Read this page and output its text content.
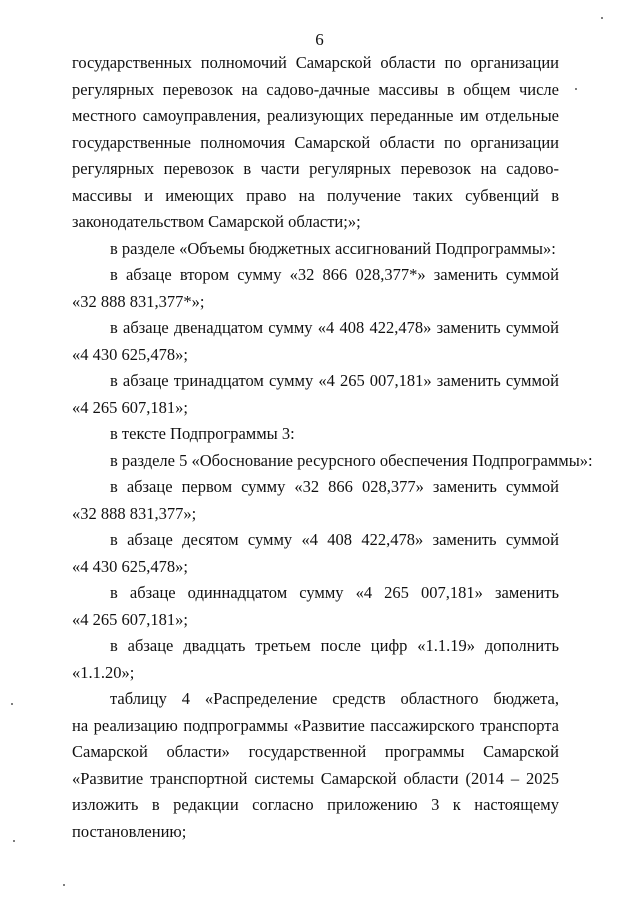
6
государственных полномочий Самарской области по организации
регулярных перевозок на садово-дачные массивы в общем числе
местного самоуправления, реализующих переданные им отдельные
государственные полномочия Самарской области по организации
регулярных перевозок в части регулярных перевозок на садово-
массивы и имеющих право на получение таких субвенций в
законодательством Самарской области;»;
в разделе «Объемы бюджетных ассигнований Подпрограммы»:
в абзаце втором сумму «32 866 028,377*» заменить суммой
«32 888 831,377*»;
в абзаце двенадцатом сумму «4 408 422,478» заменить суммой
«4 430 625,478»;
в абзаце тринадцатом сумму «4 265 007,181» заменить суммой
«4 265 607,181»;
в тексте Подпрограммы 3:
в разделе 5 «Обоснование ресурсного обеспечения Подпрограммы»:
в абзаце первом сумму «32 866 028,377» заменить суммой
«32 888 831,377»;
в абзаце десятом сумму «4 408 422,478» заменить суммой
«4 430 625,478»;
в абзаце одиннадцатом сумму «4 265 007,181» заменить
«4 265 607,181»;
в абзаце двадцать третьем после цифр «1.1.19» дополнить
«1.1.20»;
таблицу 4 «Распределение средств областного бюджета,
на реализацию подпрограммы «Развитие пассажирского транспорта
Самарской области» государственной программы Самарской
«Развитие транспортной системы Самарской области (2014 – 2025
изложить в редакции согласно приложению 3 к настоящему
постановлению;
